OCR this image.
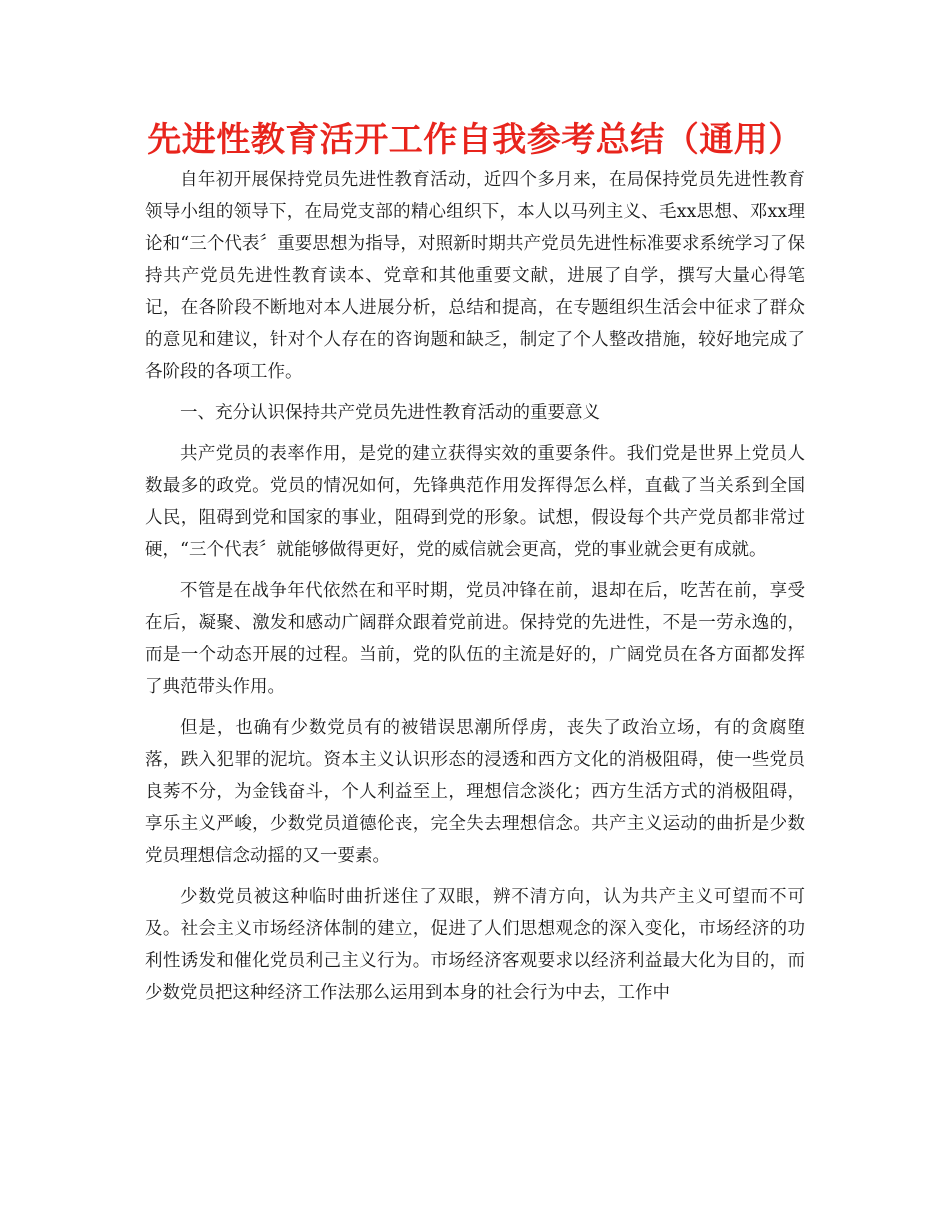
先进性教育活开工作自我参考总结（通用）

自年初开展保持党员先进性教育活动，近四个多月来，在局保持党员先进性教育领导小组的领导下，在局党支部的精心组织下，本人以马列主义、毛xx思想、邓xx理论和“三个代表〞重要思想为指导，对照新时期共产党员先进性标准要求系统学习了保持共产党员先进性教育读本、党章和其他重要文献，进展了自学，撰写大量心得笔记，在各阶段不断地对本人进展分析，总结和提高，在专题组织生活会中征求了群众的意见和建议，针对个人存在的咨询题和缺乏，制定了个人整改措施，较好地完成了各阶段的各项工作。

一、充分认识保持共产党员先进性教育活动的重要意义

共产党员的表率作用，是党的建立获得实效的重要条件。我们党是世界上党员人数最多的政党。党员的情况如何，先锋典范作用发挥得怎么样，直截了当关系到全国人民，阻碍到党和国家的事业，阻碍到党的形象。试想，假设每个共产党员都非常过硬，“三个代表〞就能够做得更好，党的威信就会更高，党的事业就会更有成就。

不管是在战争年代依然在和平时期，党员冲锋在前，退却在后，吃苦在前，享受在后，凝聚、激发和感动广阔群众跟着党前进。保持党的先进性，不是一劳永逸的，而是一个动态开展的过程。当前，党的队伍的主流是好的，广阔党员在各方面都发挥了典范带头作用。

但是，也确有少数党员有的被错误思潮所俘虏，丧失了政治立场，有的贪腐堕落，跌入犯罪的泥坑。资本主义认识形态的浸透和西方文化的消极阻碍，使一些党员良莠不分，为金钱奋斗，个人利益至上，理想信念淡化；西方生活方式的消极阻碍，享乐主义严峻，少数党员道德伦丧，完全失去理想信念。共产主义运动的曲折是少数党员理想信念动摇的又一要素。

少数党员被这种临时曲折迷住了双眼，辨不清方向，认为共产主义可望而不可及。社会主义市场经济体制的建立，促进了人们思想观念的深入变化，市场经济的功利性诱发和催化党员利己主义行为。市场经济客观要求以经济利益最大化为目的，而少数党员把这种经济工作法那么运用到本身的社会行为中去，工作中
